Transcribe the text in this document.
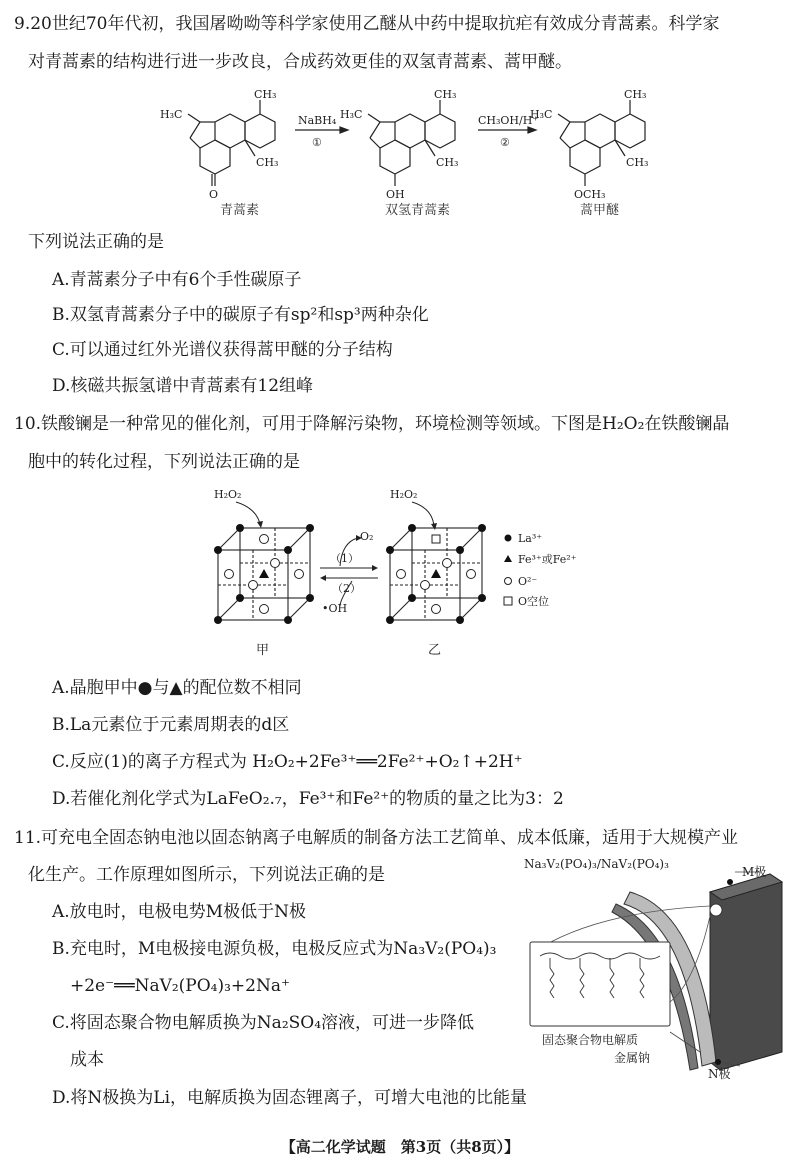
9.20世纪70年代初，我国屠呦呦等科学家使用乙醚从中药中提取抗疟有效成分青蒿素。科学家
对青蒿素的结构进行进一步改良，合成药效更佳的双氢青蒿素、蒿甲醚。
H₃C
CH₃
CH₃
O
H₃C
CH₃
CH₃
OH
H₃C
CH₃
CH₃
OCH₃
NaBH₄
①
CH₃OH/H⁺
②
青蒿素	双氢青蒿素	蒿甲醚
下列说法正确的是
A.青蒿素分子中有6个手性碳原子
B.双氢青蒿素分子中的碳原子有sp²和sp³两种杂化
C.可以通过红外光谱仪获得蒿甲醚的分子结构
D.核磁共振氢谱中青蒿素有12组峰
10.铁酸镧是一种常见的催化剂，可用于降解污染物，环境检测等领域。下图是H₂O₂在铁酸镧晶
胞中的转化过程，下列说法正确的是
H₂O₂
O₂
（1）
（2）
•OH
H₂O₂
La³⁺
Fe³⁺或Fe²⁺
O²⁻
O空位
甲	乙
A.晶胞甲中●与▲的配位数不相同
B.La元素位于元素周期表的d区
C.反应(1)的离子方程式为 H₂O₂+2Fe³⁺══2Fe²⁺+O₂↑+2H⁺
D.若催化剂化学式为LaFeO₂.₇，Fe³⁺和Fe²⁺的物质的量之比为3：2
11.可充电全固态钠电池以固态钠离子电解质的制备方法工艺简单、成本低廉，适用于大规模产业
化生产。工作原理如图所示，下列说法正确的是
A.放电时，电极电势M极低于N极
B.充电时，M电极接电源负极，电极反应式为Na₃V₂(PO₄)₃
+2e⁻══NaV₂(PO₄)₃+2Na⁺
C.将固态聚合物电解质换为Na₂SO₄溶液，可进一步降低
成本
D.将N极换为Li，电解质换为固态锂离子，可增大电池的比能量
Na₃V₂(PO₄)₃/NaV₂(PO₄)₃
M极
N极
固态聚合物电解质
金属钠
【高二化学试题　第3页（共8页）】
